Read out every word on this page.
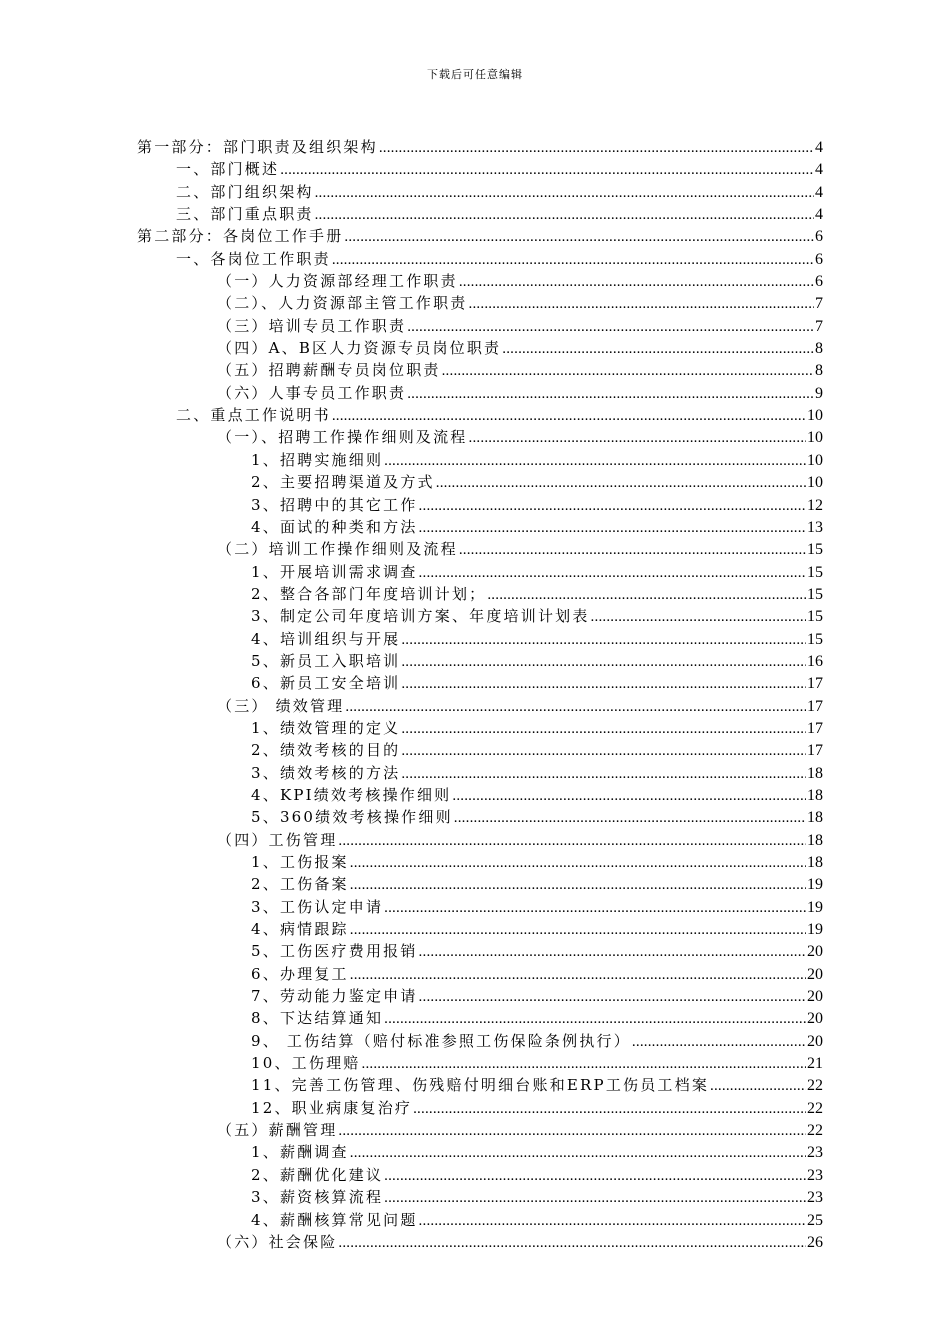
下载后可任意编辑
第一部分：部门职责及组织架构 .....	4
一、部门概述 .....	4
二、部门组织架构 .....	4
三、部门重点职责 .....	4
第二部分：各岗位工作手册 .....	6
一、各岗位工作职责 .....	6
（一）人力资源部经理工作职责 .....	6
（二）、人力资源部主管工作职责 .....	7
（三）培训专员工作职责 .....	7
（四）A、B区人力资源专员岗位职责 .....	8
（五）招聘薪酬专员岗位职责 .....	8
（六）人事专员工作职责 .....	9
二、重点工作说明书 .....	10
（一）、招聘工作操作细则及流程 .....	10
1、招聘实施细则 .....	10
2、主要招聘渠道及方式 .....	10
3、招聘中的其它工作 .....	12
4、面试的种类和方法 .....	13
（二）培训工作操作细则及流程 .....	15
1、开展培训需求调查 .....	15
2、整合各部门年度培训计划； .....	15
3、制定公司年度培训方案、年度培训计划表 .....	15
4、培训组织与开展 .....	15
5、新员工入职培训 .....	16
6、新员工安全培训 .....	17
（三） 绩效管理 .....	17
1、绩效管理的定义 .....	17
2、绩效考核的目的 .....	17
3、绩效考核的方法 .....	18
4、KPI绩效考核操作细则 .....	18
5、360绩效考核操作细则 .....	18
（四）工伤管理 .....	18
1、工伤报案 .....	18
2、工伤备案 .....	19
3、工伤认定申请 .....	19
4、病情跟踪 .....	19
5、工伤医疗费用报销 .....	20
6、办理复工 .....	20
7、劳动能力鉴定申请 .....	20
8、下达结算通知 .....	20
9、 工伤结算（赔付标准参照工伤保险条例执行） .....	20
10、工伤理赔 .....	21
11、完善工伤管理、伤残赔付明细台账和ERP工伤员工档案 .....	22
12、职业病康复治疗 .....	22
（五）薪酬管理 .....	22
1、薪酬调查 .....	23
2、薪酬优化建议 .....	23
3、薪资核算流程 .....	23
4、薪酬核算常见问题 .....	25
（六）社会保险 .....	26
